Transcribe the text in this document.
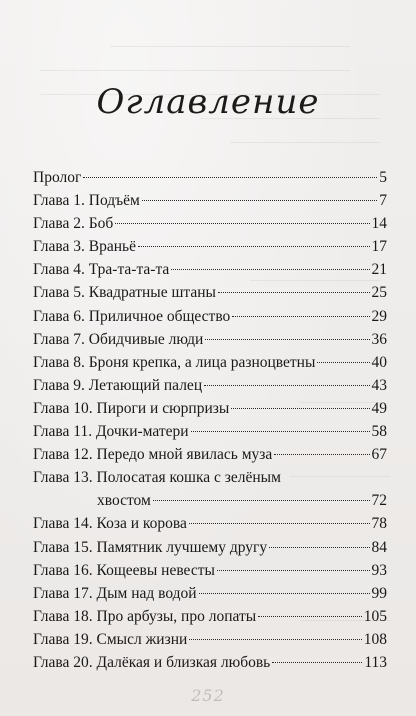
Оглавление
Пролог	5
Глава 1. Подъём	7
Глава 2. Боб	14
Глава 3. Враньё	17
Глава 4. Тра-та-та-та	21
Глава 5. Квадратные штаны	25
Глава 6. Приличное общество	29
Глава 7. Обидчивые люди	36
Глава 8. Броня крепка, а лица разноцветны	40
Глава 9. Летающий палец	43
Глава 10. Пироги и сюрпризы	49
Глава 11. Дочки-матери	58
Глава 12. Передо мной явилась муза	67
Глава 13. Полосатая кошка с зелёным
хвостом	72
Глава 14. Коза и корова	78
Глава 15. Памятник лучшему другу	84
Глава 16. Кощеевы невесты	93
Глава 17. Дым над водой	99
Глава 18. Про арбузы, про лопаты	105
Глава 19. Смысл жизни	108
Глава 20. Далёкая и близкая любовь	113
252
